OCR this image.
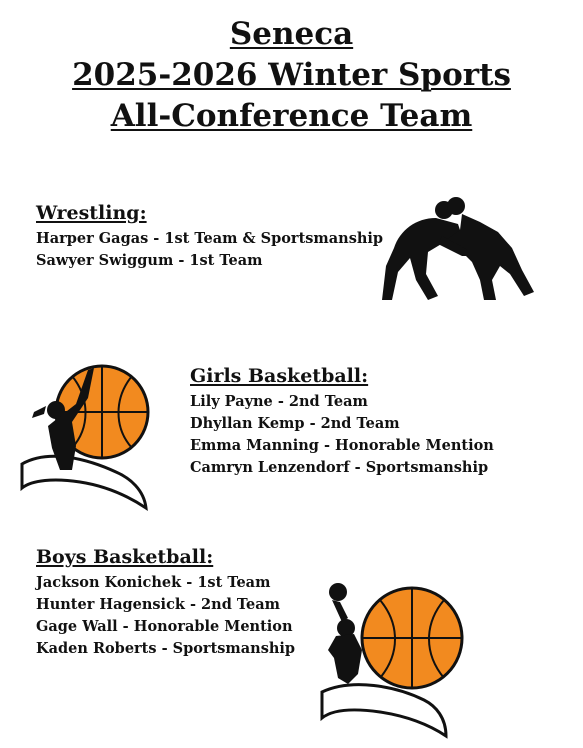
Seneca
2025-2026 Winter Sports
All-Conference Team
Wrestling:
Harper Gagas - 1st Team & Sportsmanship
Sawyer Swiggum - 1st Team
Girls Basketball:
Lily Payne - 2nd Team
Dhyllan Kemp - 2nd Team
Emma Manning - Honorable Mention
Camryn Lenzendorf - Sportsmanship
Boys Basketball:
Jackson Konichek - 1st Team
Hunter Hagensick - 2nd Team
Gage Wall - Honorable Mention
Kaden Roberts - Sportsmanship
